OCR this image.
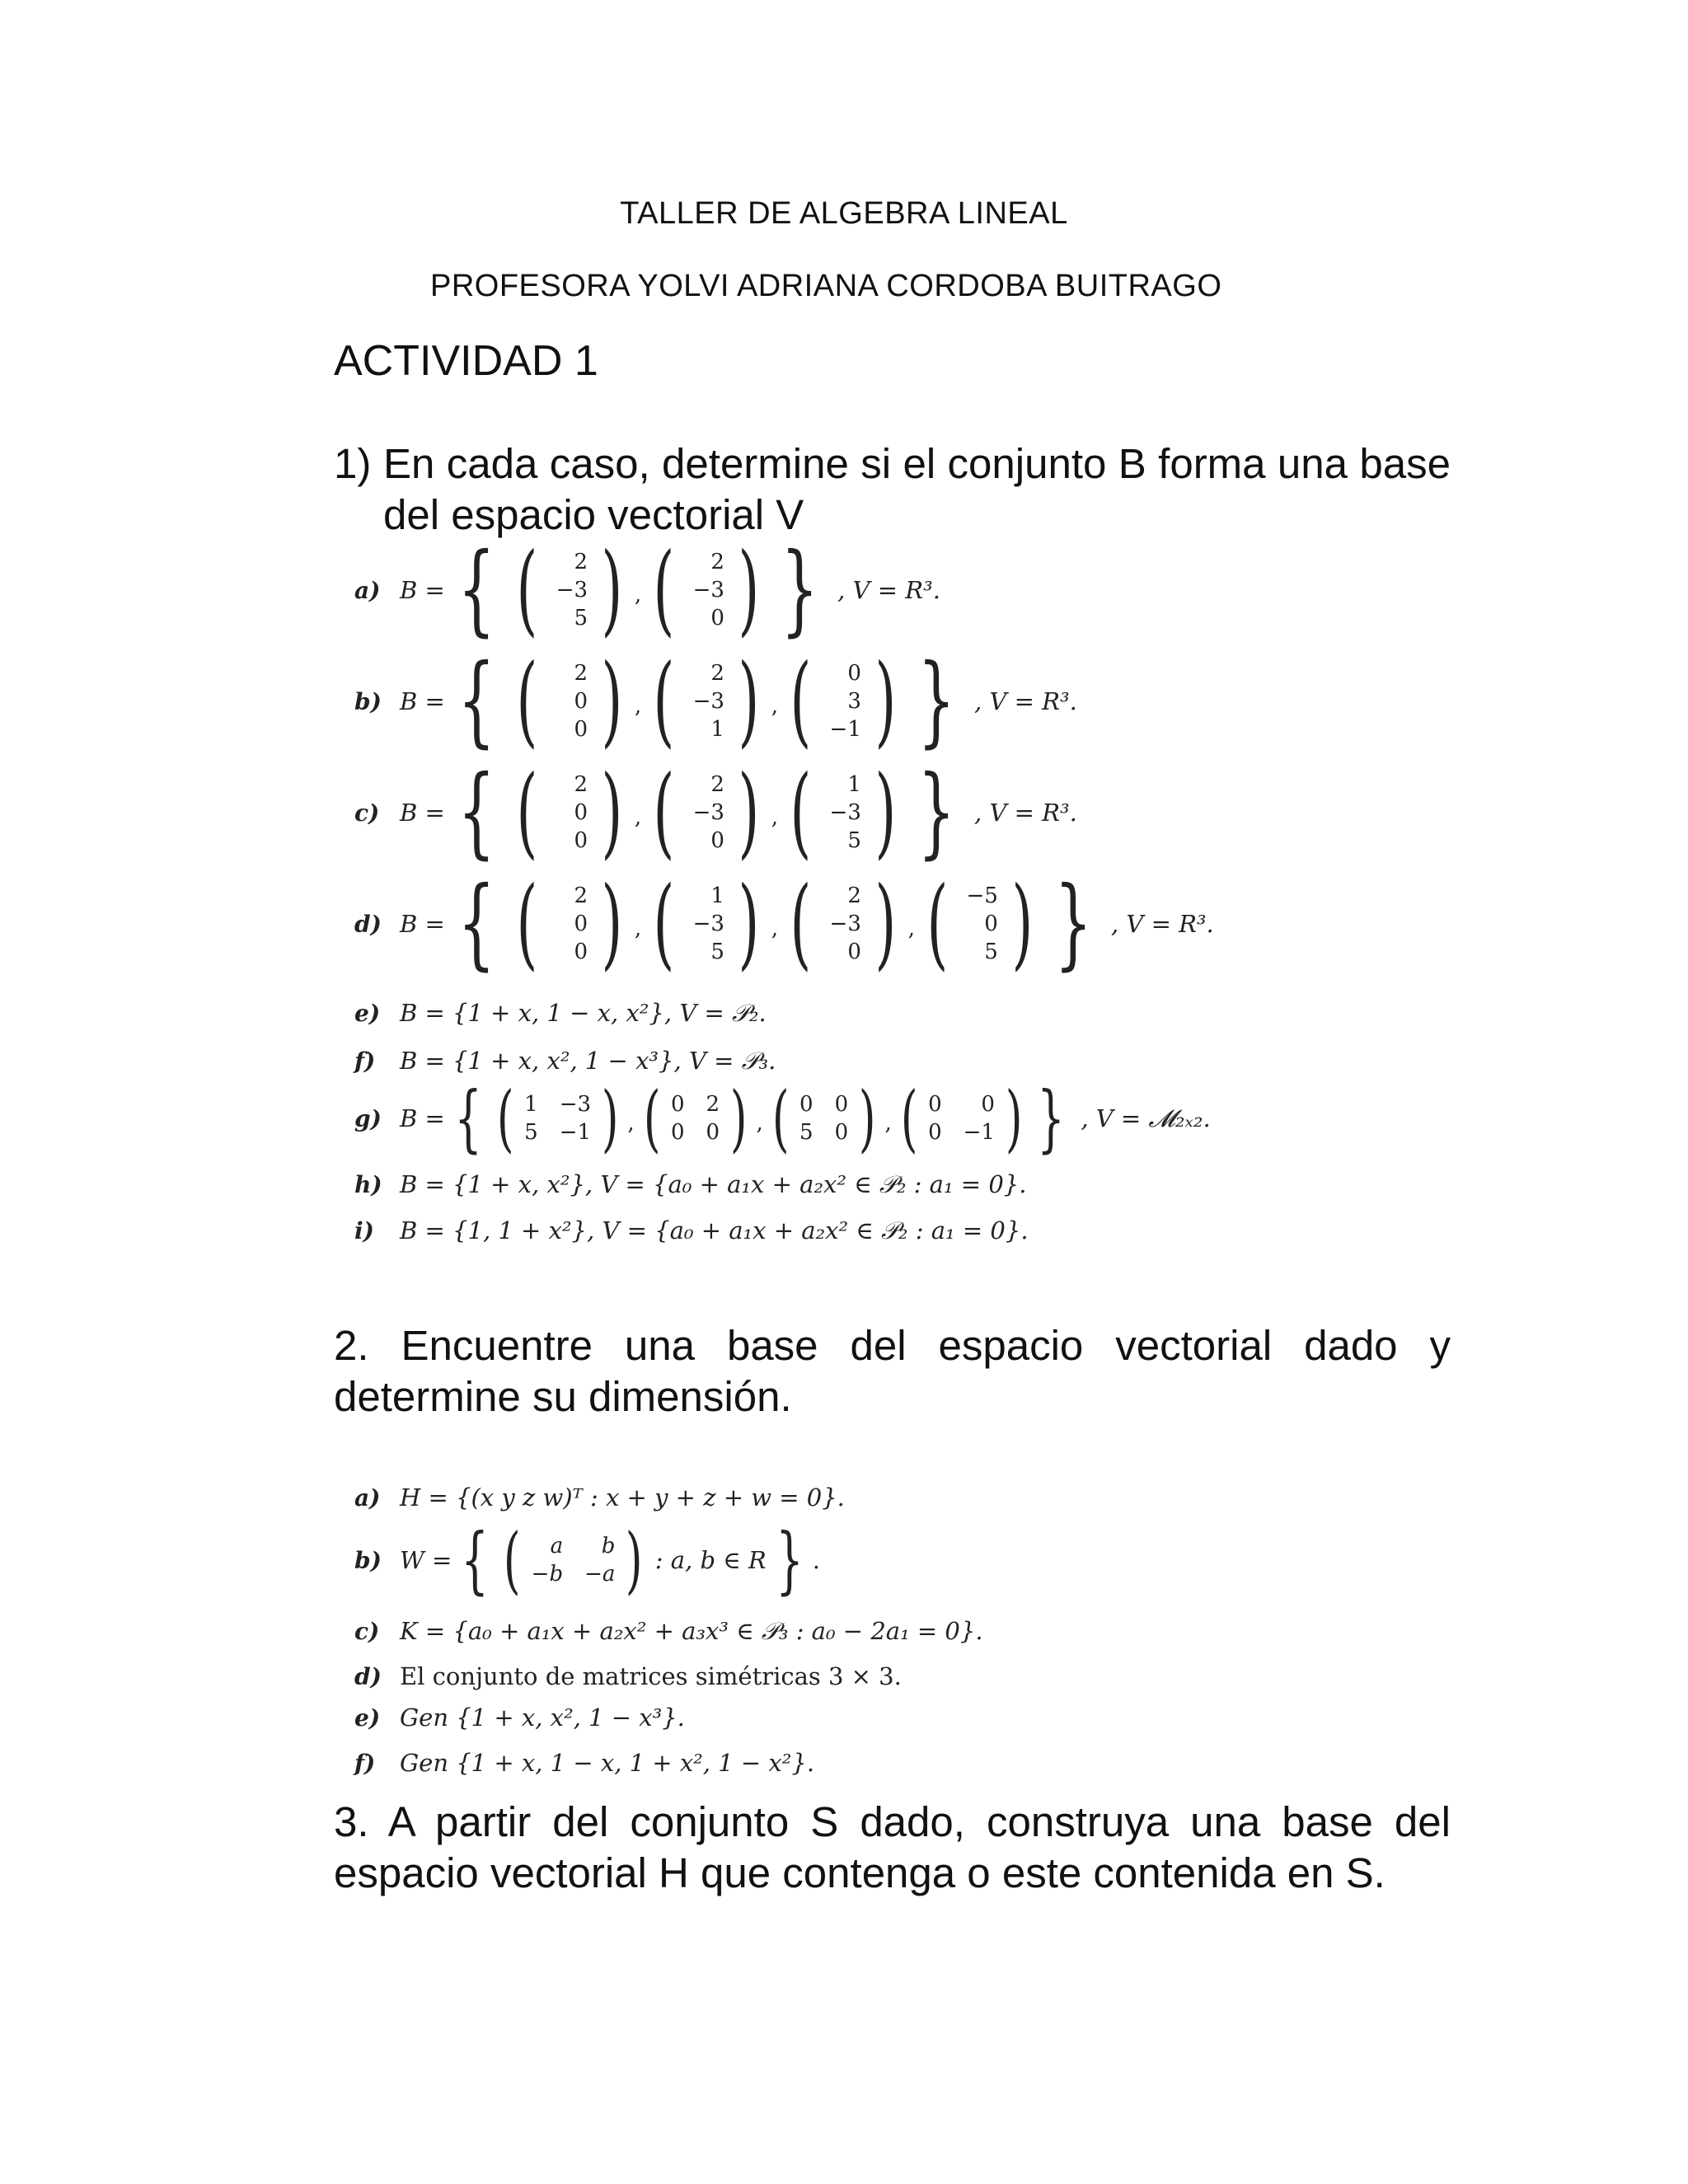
TALLER DE ALGEBRA LINEAL
PROFESORA YOLVI ADRIANA CORDOBA BUITRAGO
ACTIVIDAD 1
1) En cada caso, determine si el conjunto B forma una base del espacio vectorial V
a) B = { ( 2
−3
5 ) , ( 2
−3
0 ) } , V = R³.
b) B = { ( 2
0
0 ) , ( 2
−3
1 ) , ( 0
3
−1 ) } , V = R³.
c) B = { ( 2
0
0 ) , ( 2
−3
0 ) , ( 1
−3
5 ) } , V = R³.
d) B = { ( 2
0
0 ) , ( 1
−3
5 ) , ( 2
−3
0 ) , ( −5
0
5 ) } , V = R³.
e) B = {1 + x, 1 − x, x²}, V = 𝒫₂.
f)	B = {1 + x, x², 1 − x³}, V = 𝒫₃.
g) B = { ( 1 −3
5 −1 ) , ( 0 2
0 0 ) , ( 0 0
5 0 ) , ( 0	0
0 −1 ) } , V = 𝓜₂ₓ₂.
h) B = {1 + x, x²}, V = {a₀ + a₁x + a₂x² ∈ 𝒫₂ : a₁ = 0}.
i)	B = {1, 1 + x²}, V = {a₀ + a₁x + a₂x² ∈ 𝒫₂ : a₁ = 0}.
2. Encuentre una base del espacio vectorial dado y determine su dimensión.
a) H = {(x y z w)ᵀ : x + y + z + w = 0}.
b) W = { (	a	b
−b −a ) : a, b ∈ R } .
c) K = {a₀ + a₁x + a₂x² + a₃x³ ∈ 𝒫₃ : a₀ − 2a₁ = 0}.
d) El conjunto de matrices simétricas 3 × 3.
e) Gen {1 + x, x², 1 − x³}.
f)	Gen {1 + x, 1 − x, 1 + x², 1 − x²}.
3. A partir del conjunto S dado, construya una base del espacio vectorial H que contenga o este contenida en S.
